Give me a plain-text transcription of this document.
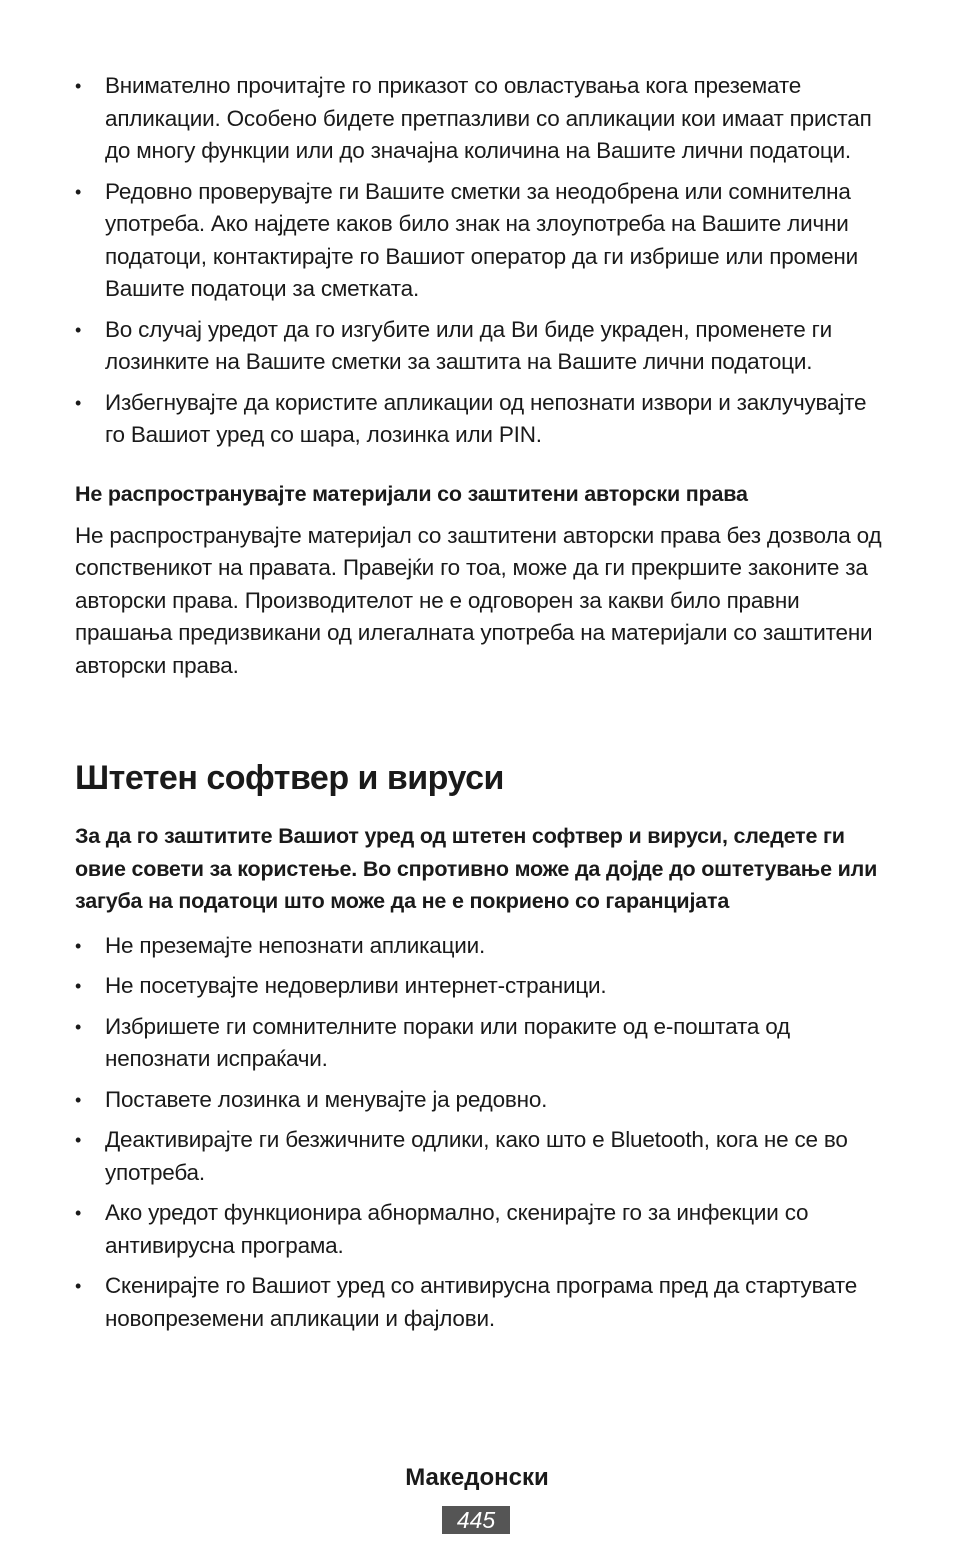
• Внимателно прочитајте го приказот со овластувања кога преземате апликации. Особено бидете претпазливи со апликации кои имаат пристап до многу функции или до значајна количина на Вашите лични податоци.
• Редовно проверувајте ги Вашите сметки за неодобрена или сомнителна употреба. Ако најдете каков било знак на злоупотреба на Вашите лични податоци, контактирајте го Вашиот оператор да ги избрише или промени Вашите податоци за сметката.
• Во случај уредот да го изгубите или да Ви биде украден, променете ги лозинките на Вашите сметки за заштита на Вашите лични податоци.
• Избегнувајте да користите апликации од непознати извори и заклучувајте го Вашиот уред со шара, лозинка или PIN.
Не распространувајте материјали со заштитени авторски права

Не распространувајте материјал со заштитени авторски права без дозвола од сопственикот на правата. Правејќи го тоа, може да ги прекршите законите за авторски права. Производителот не е одговорен за какви било правни прашања предизвикани од илегалната употреба на материјали со заштитени авторски права.

Штетен софтвер и вируси

За да го заштитите Вашиот уред од штетен софтвер и вируси, следете ги овие совети за користење. Во спротивно може да дојде до оштетување или загуба на податоци што може да не е покриено со гаранцијата

• Не преземајте непознати апликации.
• Не посетувајте недоверливи интернет-страници.
• Избришете ги сомнителните пораки или пораките од е-поштата од непознати испраќачи.
• Поставете лозинка и менувајте ја редовно.
• Деактивирајте ги безжичните одлики, како што е Bluetooth, кога не се во употреба.
• Ако уредот функционира абнормално, скенирајте го за инфекции со антивирусна програма.
• Скенирајте го Вашиот уред со антивирусна програма пред да стартувате новопреземени апликации и фајлови.
Македонски
445
